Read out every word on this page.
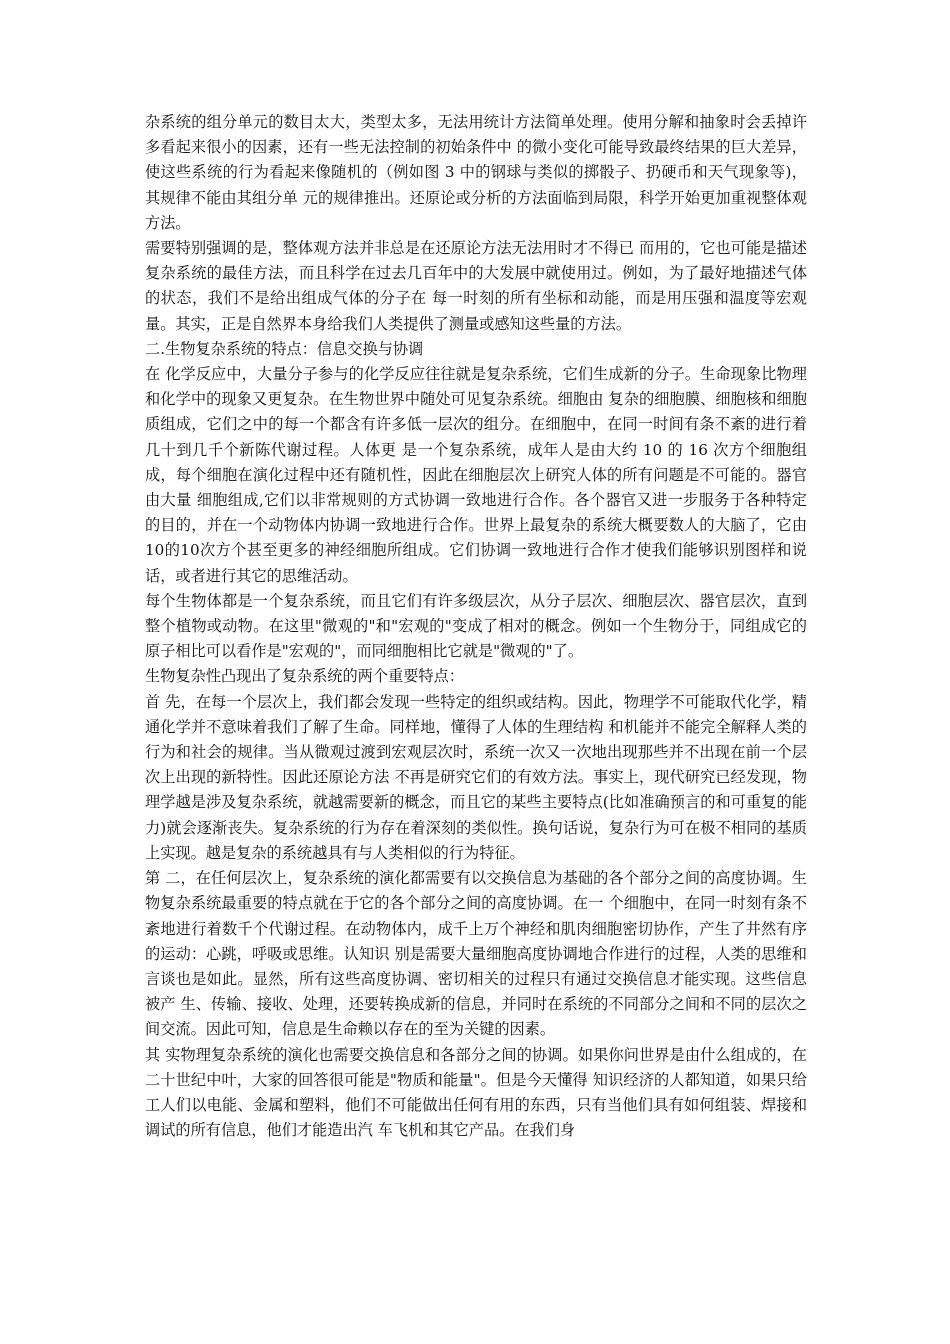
杂系统的组分单元的数目太大，类型太多，无法用统计方法简单处理。使用分解和抽象时会丢掉许多看起来很小的因素，还有一些无法控制的初始条件中 的微小变化可能导致最终结果的巨大差异，使这些系统的行为看起来像随机的（例如图 3 中的钢球与类似的掷骰子、扔硬币和天气现象等)，其规律不能由其组分单 元的规律推出。还原论或分析的方法面临到局限，科学开始更加重视整体观方法。

需要特别强调的是，整体观方法并非总是在还原论方法无法用时才不得已 而用的，它也可能是描述复杂系统的最佳方法，而且科学在过去几百年中的大发展中就使用过。例如，为了最好地描述气体的状态，我们不是给出组成气体的分子在 每一时刻的所有坐标和动能，而是用压强和温度等宏观量。其实，正是自然界本身给我们人类提供了测量或感知这些量的方法。

二.生物复杂系统的特点：信息交换与协调

在 化学反应中，大量分子参与的化学反应往往就是复杂系统，它们生成新的分子。生命现象比物理和化学中的现象又更复杂。在生物世界中随处可见复杂系统。细胞由 复杂的细胞膜、细胞核和细胞质组成，它们之中的每一个都含有许多低一层次的组分。在细胞中，在同一时间有条不紊的进行着几十到几千个新陈代谢过程。人体更 是一个复杂系统，成年人是由大约 10 的 16 次方个细胞组成，每个细胞在演化过程中还有随机性，因此在细胞层次上研究人体的所有问题是不可能的。器官由大量 细胞组成,它们以非常规则的方式协调一致地进行合作。各个器官又进一步服务于各种特定的目的，并在一个动物体内协调一致地进行合作。世界上最复杂的系统大概要数人的大脑了，它由10的10次方个甚至更多的神经细胞所组成。它们协调一致地进行合作才使我们能够识别图样和说话，或者进行其它的思维活动。

每个生物体都是一个复杂系统，而且它们有许多级层次，从分子层次、细胞层次、器官层次，直到整个植物或动物。在这里"微观的"和"宏观的"变成了相对的概念。例如一个生物分于，同组成它的原子相比可以看作是"宏观的"，而同细胞相比它就是"微观的"了。

生物复杂性凸现出了复杂系统的两个重要特点：

首 先，在每一个层次上，我们都会发现一些特定的组织或结构。因此，物理学不可能取代化学，精通化学并不意味着我们了解了生命。同样地，懂得了人体的生理结构 和机能并不能完全解释人类的行为和社会的规律。当从微观过渡到宏观层次时，系统一次又一次地出现那些并不出现在前一个层次上出现的新特性。因此还原论方法 不再是研究它们的有效方法。事实上，现代研究已经发现，物理学越是涉及复杂系统，就越需要新的概念，而且它的某些主要特点(比如准确预言的和可重复的能 力)就会逐渐丧失。复杂系统的行为存在着深刻的类似性。换句话说，复杂行为可在极不相同的基质上实现。越是复杂的系统越具有与人类相似的行为特征。

第 二，在任何层次上，复杂系统的演化都需要有以交换信息为基础的各个部分之间的高度协调。生物复杂系统最重要的特点就在于它的各个部分之间的高度协调。在一 个细胞中，在同一时刻有条不紊地进行着数千个代谢过程。在动物体内，成千上万个神经和肌肉细胞密切协作，产生了井然有序的运动：心跳，呼吸或思维。认知识 别是需要大量细胞高度协调地合作进行的过程，人类的思维和言谈也是如此。显然，所有这些高度协调、密切相关的过程只有通过交换信息才能实现。这些信息被产 生、传输、接收、处理，还要转换成新的信息，并同时在系统的不同部分之间和不同的层次之间交流。因此可知，信息是生命赖以存在的至为关键的因素。

其 实物理复杂系统的演化也需要交换信息和各部分之间的协调。如果你问世界是由什么组成的，在二十世纪中叶，大家的回答很可能是"物质和能量"。但是今天懂得 知识经济的人都知道，如果只给工人们以电能、金属和塑料，他们不可能做出任何有用的东西，只有当他们具有如何组装、焊接和调试的所有信息，他们才能造出汽 车飞机和其它产品。在我们身
